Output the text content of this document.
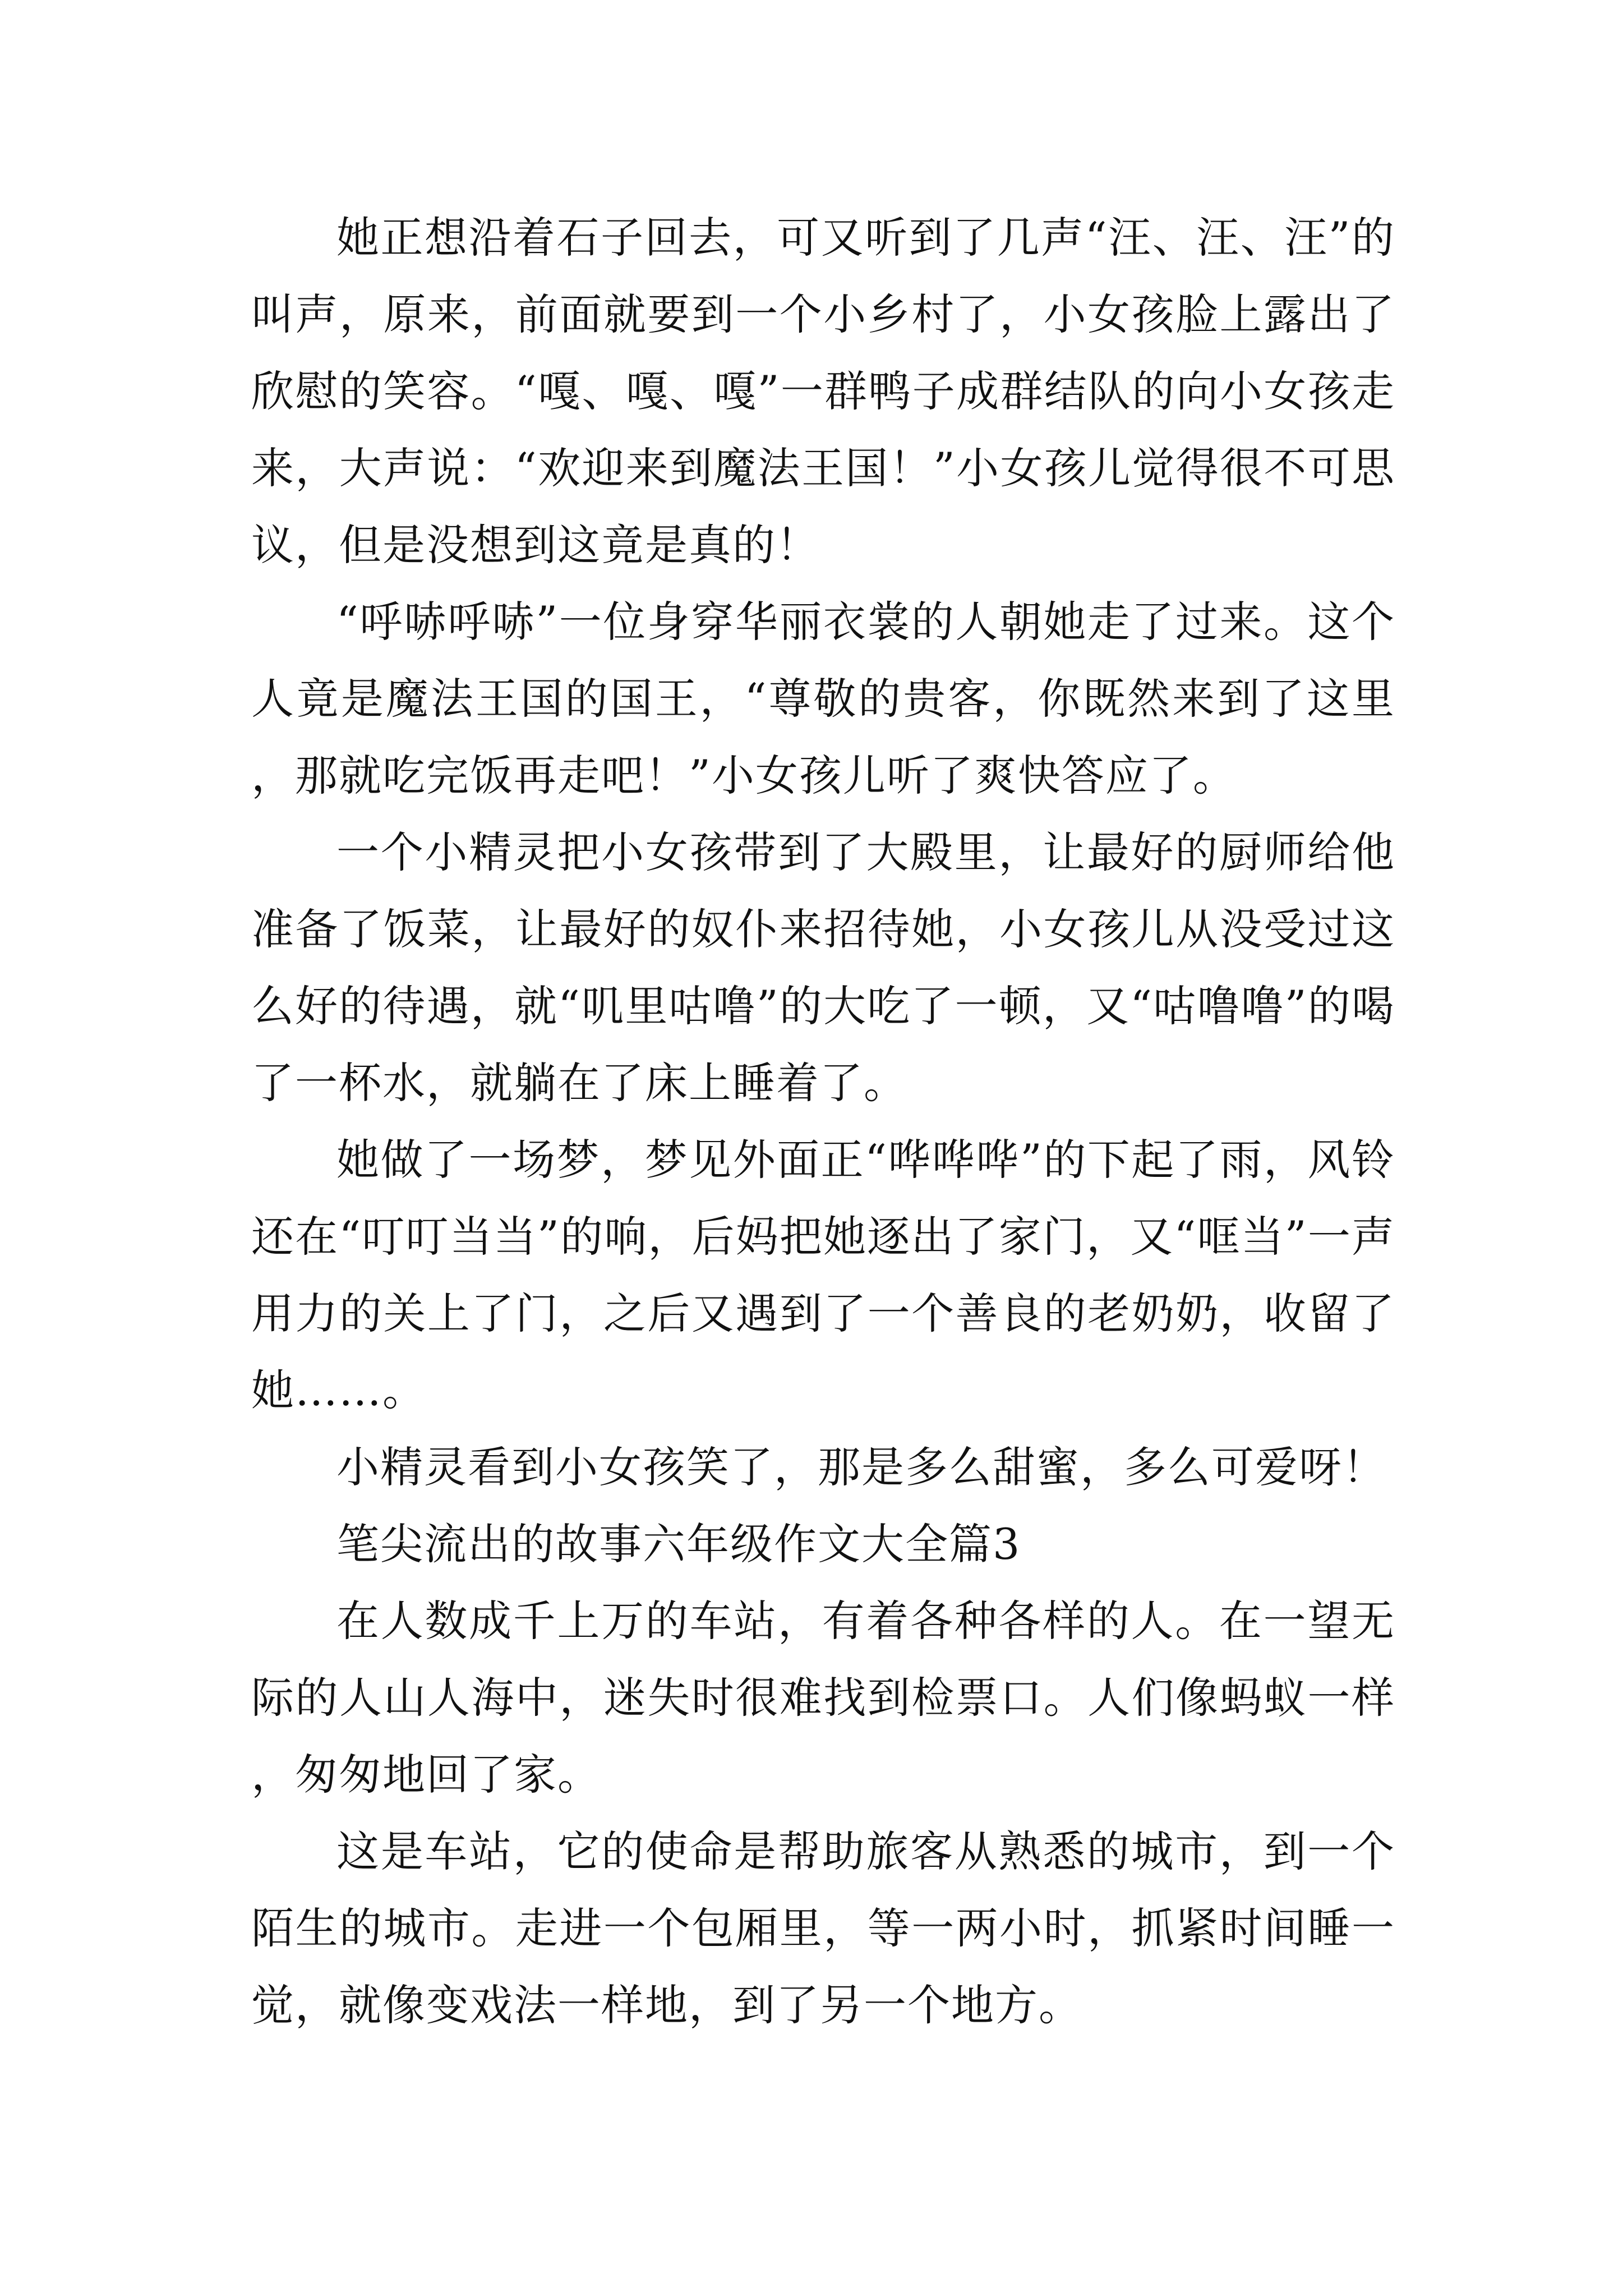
她正想沿着石子回去，可又听到了几声“汪、汪、汪”的叫声，原来，前面就要到一个小乡村了，小女孩脸上露出了欣慰的笑容。“嘎、嘎、嘎”一群鸭子成群结队的向小女孩走来，大声说：“欢迎来到魔法王国！”小女孩儿觉得很不可思议，但是没想到这竟是真的！

“呼哧呼哧”一位身穿华丽衣裳的人朝她走了过来。这个人竟是魔法王国的国王，“尊敬的贵客，你既然来到了这里，那就吃完饭再走吧！”小女孩儿听了爽快答应了。

一个小精灵把小女孩带到了大殿里，让最好的厨师给他准备了饭菜，让最好的奴仆来招待她，小女孩儿从没受过这么好的待遇，就“叽里咕噜”的大吃了一顿，又“咕噜噜”的喝了一杯水，就躺在了床上睡着了。

她做了一场梦，梦见外面正“哗哗哗”的下起了雨，风铃还在“叮叮当当”的响，后妈把她逐出了家门，又“哐当”一声用力的关上了门，之后又遇到了一个善良的老奶奶，收留了她……。

小精灵看到小女孩笑了，那是多么甜蜜，多么可爱呀！

笔尖流出的故事六年级作文大全篇3

在人数成千上万的车站，有着各种各样的人。在一望无际的人山人海中，迷失时很难找到检票口。人们像蚂蚁一样，匆匆地回了家。

这是车站，它的使命是帮助旅客从熟悉的城市，到一个陌生的城市。走进一个包厢里，等一两小时，抓紧时间睡一觉，就像变戏法一样地，到了另一个地方。
